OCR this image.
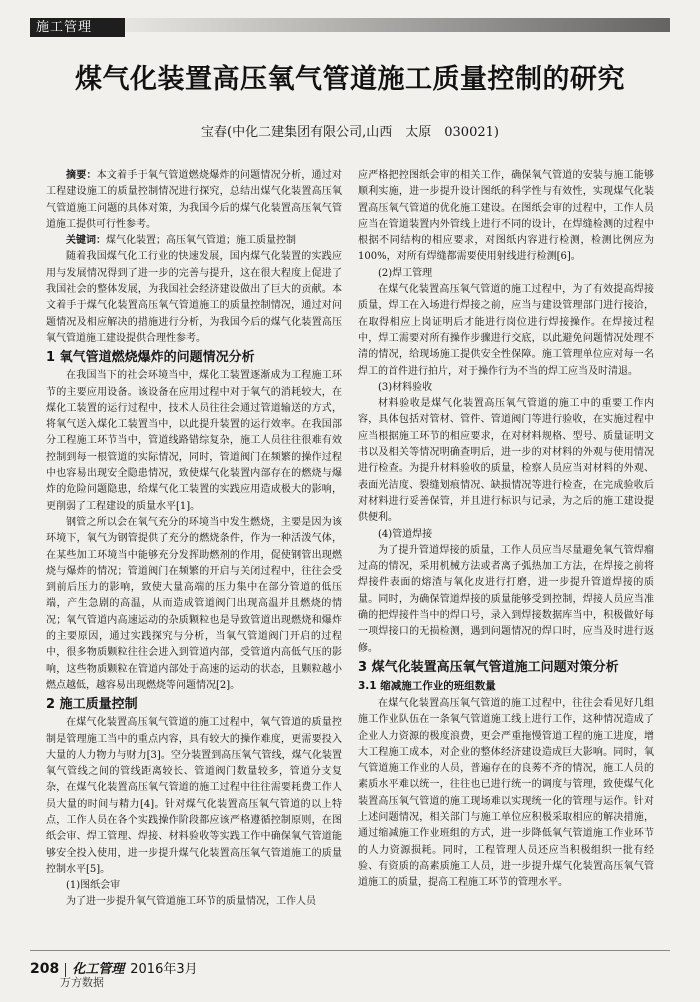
施工管理
煤气化装置高压氧气管道施工质量控制的研究
宝春(中化二建集团有限公司,山西　太原　030021)

摘要：本文着手于氧气管道燃烧爆炸的问题情况分析，通过对工程建设施工的质量控制情况进行探究，总结出煤气化装置高压氧气管道施工问题的具体对策，为我国今后的煤气化装置高压氧气管道施工提供可行性参考。

关键词：煤气化装置；高压氧气管道；施工质量控制

随着我国煤气化工行业的快速发展，国内煤气化装置的实践应用与发展情况得到了进一步的完善与提升，这在很大程度上促进了我国社会的整体发展，为我国社会经济建设做出了巨大的贡献。本文着手于煤气化装置高压氧气管道施工的质量控制情况，通过对问题情况及相应解决的措施进行分析，为我国今后的煤气化装置高压氧气管道施工建设提供合理性参考。

1 氧气管道燃烧爆炸的问题情况分析

在我国当下的社会环境当中，煤化工装置逐渐成为工程施工环节的主要应用设备。该设备在应用过程中对于氧气的消耗较大，在煤化工装置的运行过程中，技术人员往往会通过管道输送的方式，将氧气送入煤化工装置当中，以此提升装置的运行效率。在我国部分工程施工环节当中，管道线路错综复杂，施工人员往往很难有效控制到每一根管道的实际情况，同时，管道阀门在频繁的操作过程中也容易出现安全隐患情况，致使煤气化装置内部存在的燃烧与爆炸的危险问题隐患，给煤气化工装置的实践应用造成极大的影响，更削弱了工程建设的质量水平[1]。

钢管之所以会在氧气充分的环境当中发生燃烧，主要是因为该环境下，氧气为钢管提供了充分的燃烧条件，作为一种活泼气体，在某些加工环境当中能够充分发挥助燃剂的作用，促使钢管出现燃烧与爆炸的情况；管道阀门在频繁的开启与关闭过程中，往往会受到前后压力的影响，致使大量高端的压力集中在部分管道的低压端，产生急剧的高温，从而造成管道阀门出现高温并且燃烧的情况；氧气管道内高速运动的杂质颗粒也是导致管道出现燃烧和爆炸的主要原因，通过实践探究与分析，当氧气管道阀门开启的过程中，很多物质颗粒往往会进入到管道内部，受管道内高低气压的影响，这些物质颗粒在管道内部处于高速的运动的状态，且颗粒越小燃点越低，越容易出现燃烧等问题情况[2]。

2 施工质量控制

在煤气化装置高压氧气管道的施工过程中，氧气管道的质量控制是管理施工当中的重点内容，具有较大的操作难度，更需要投入大量的人力物力与财力[3]。空分装置到高压氧气管线，煤气化装置氧气管线之间的管线距离较长、管道阀门数量较多，管道分支复杂，在煤气化装置高压氧气管道的施工过程中往往需要耗费工作人员大量的时间与精力[4]。针对煤气化装置高压氧气管道的以上特点，工作人员在各个实践操作阶段都应该严格遵循控制原则，在图纸会审、焊工管理、焊接、材料验收等实践工作中确保氧气管道能够安全投入使用，进一步提升煤气化装置高压氧气管道施工的质量控制水平[5]。

(1)图纸会审

为了进一步提升氧气管道施工环节的质量情况，工作人员

应严格把控图纸会审的相关工作，确保氧气管道的安装与施工能够顺利实施，进一步提升设计图纸的科学性与有效性，实现煤气化装置高压氧气管道的优化施工建设。在图纸会审的过程中，工作人员应当在管道装置内外管线上进行不同的设计，在焊缝检测的过程中根据不同结构的相应要求，对图纸内容进行检测，检测比例应为100%，对所有焊缝都需要使用射线进行检测[6]。

(2)焊工管理

在煤气化装置高压氧气管道的施工过程中，为了有效提高焊接质量，焊工在入场进行焊接之前，应当与建设管理部门进行接洽，在取得相应上岗证明后才能进行岗位进行焊接操作。在焊接过程中，焊工需要对所有操作步骤进行交底，以此避免问题情况处理不清的情况，给现场施工提供安全性保障。施工管理单位应对每一名焊工的首件进行拍片，对于操作行为不当的焊工应当及时清退。

(3)材料验收

材料验收是煤气化装置高压氧气管道的施工中的重要工作内容，具体包括对管材、管件、管道阀门等进行验收，在实施过程中应当根据施工环节的相应要求，在对材料规格、型号、质量证明文书以及相关等情况明确查明后，进一步的对材料的外观与使用情况进行检查。为提升材料验收的质量，检察人员应当对材料的外观、表面光洁度、裂缝划痕情况、缺损情况等进行检查，在完成验收后对材料进行妥善保管，并且进行标识与记录，为之后的施工建设提供便利。

(4)管道焊接

为了提升管道焊接的质量，工作人员应当尽量避免氧气管焊瘤过高的情况，采用机械方法或者离子弧热加工方法，在焊接之前将焊接件表面的熔渣与氧化皮进行打磨，进一步提升管道焊接的质量。同时，为确保管道焊接的质量能够受到控制，焊接人员应当准确的把焊接件当中的焊口号，录入到焊接数据库当中，积极做好每一项焊接口的无损检测，遇到问题情况的焊口时，应当及时进行返修。

3 煤气化装置高压氧气管道施工问题对策分析
3.1 缩减施工作业的班组数量

在煤气化装置高压氧气管道的施工过程中，往往会看见好几组施工作业队伍在一条氧气管道施工线上进行工作，这种情况造成了企业人力资源的极度浪费，更会严重拖慢管道工程的施工进度，增大工程施工成本，对企业的整体经济建设造成巨大影响。同时，氧气管道施工作业的人员，普遍存在的良莠不齐的情况，施工人员的素质水平难以统一，往往也已进行统一的调度与管理，致使煤气化装置高压氧气管道的施工现场难以实现统一化的管理与运作。针对上述问题情况，相关部门与施工单位应积极采取相应的解决措施，通过缩减施工作业班组的方式，进一步降低氧气管道施工作业环节的人力资源损耗。同时，工程管理人员还应当积极组织一批有经验、有资质的高素质施工人员，进一步提升煤气化装置高压氧气管道施工的质量，提高工程施工环节的管理水平。

208 化工管理 2016年3月
万方数据
